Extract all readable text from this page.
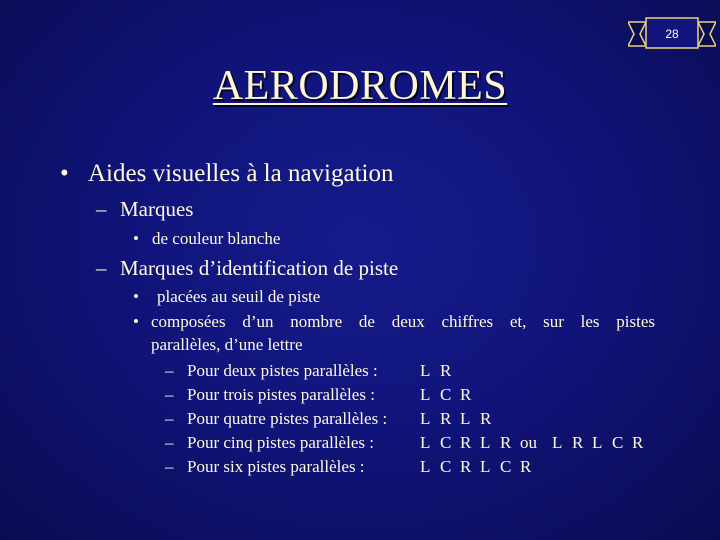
28
AERODROMES
• Aides visuelles à la navigation
– Marques
• de couleur blanche
– Marques d’identification de piste
• placées au seuil de piste
• composées d’un nombre de deux chiffres et, sur les pistes
parallèles, d’une lettre
– Pour deux pistes parallèles : L R
– Pour trois pistes parallèles :	L C R
– Pour quatre pistes parallèles : L R L R
– Pour cinq pistes parallèles :	L C R L R ou L R L C R
– Pour six pistes parallèles :	L C R L C R
